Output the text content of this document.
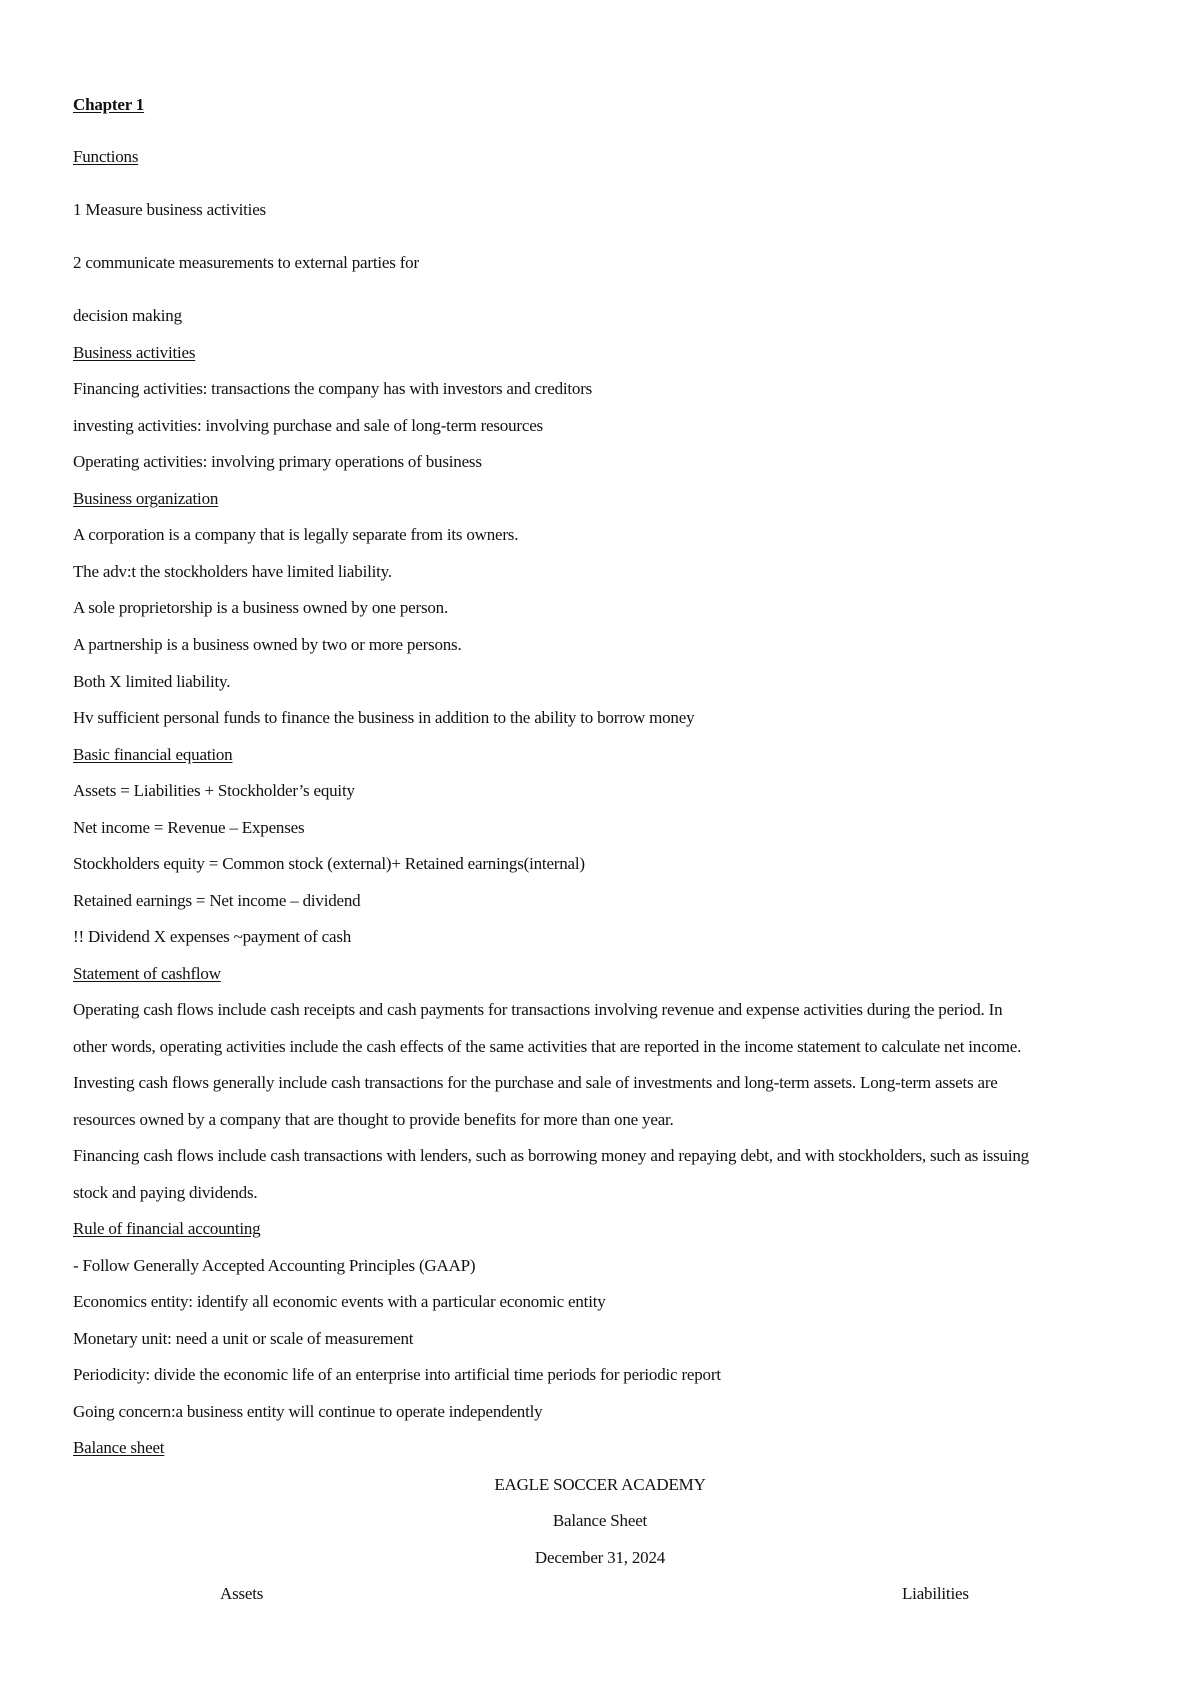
Chapter 1
Functions
1 Measure business activities
2 communicate measurements to external parties for
decision making
Business activities
Financing activities: transactions the company has with investors and creditors
investing activities: involving purchase and sale of long-term resources
Operating activities: involving primary operations of business
Business organization
A corporation is a company that is legally separate from its owners.
The adv:t the stockholders have limited liability.
A sole proprietorship is a business owned by one person.
A partnership is a business owned by two or more persons.
Both X limited liability.
Hv sufficient personal funds to finance the business in addition to the ability to borrow money
Basic financial equation
Assets = Liabilities + Stockholder’s equity
Net income = Revenue – Expenses
Stockholders equity = Common stock (external)+ Retained earnings(internal)
Retained earnings = Net income – dividend
!! Dividend X expenses ~payment of cash
Statement of cashflow
Operating cash flows include cash receipts and cash payments for transactions involving revenue and expense activities during the period. In
other words, operating activities include the cash effects of the same activities that are reported in the income statement to calculate net income.
Investing cash flows generally include cash transactions for the purchase and sale of investments and long-term assets. Long-term assets are
resources owned by a company that are thought to provide benefits for more than one year.
Financing cash flows include cash transactions with lenders, such as borrowing money and repaying debt, and with stockholders, such as issuing
stock and paying dividends.
Rule of financial accounting
- Follow Generally Accepted Accounting Principles (GAAP)
Economics entity: identify all economic events with a particular economic entity
Monetary unit: need a unit or scale of measurement
Periodicity: divide the economic life of an enterprise into artificial time periods for periodic report
Going concern:a business entity will continue to operate independently
Balance sheet
EAGLE SOCCER ACADEMY
Balance Sheet
December 31, 2024
Assets	Liabilities
